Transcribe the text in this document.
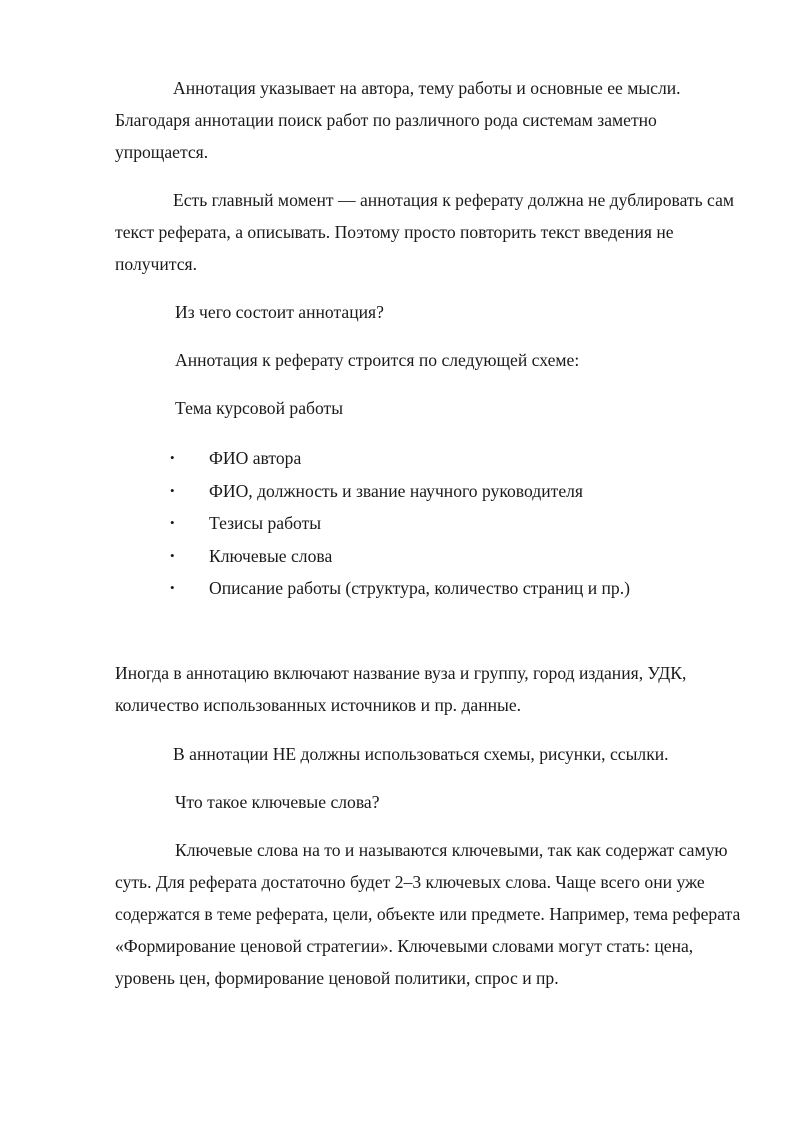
Аннотация указывает на автора, тему работы и основные ее мысли. Благодаря аннотации поиск работ по различного рода системам заметно упрощается.

Есть главный момент — аннотация к реферату должна не дублировать сам текст реферата, а описывать. Поэтому просто повторить текст введения не получится.

Из чего состоит аннотация?

Аннотация к реферату строится по следующей схеме:

Тема курсовой работы

• ФИО автора
• ФИО, должность и звание научного руководителя
• Тезисы работы
• Ключевые слова
• Описание работы (структура, количество страниц и пр.)

Иногда в аннотацию включают название вуза и группу, город издания, УДК, количество использованных источников и пр. данные.

В аннотации НЕ должны использоваться схемы, рисунки, ссылки.

Что такое ключевые слова?

Ключевые слова на то и называются ключевыми, так как содержат самую суть. Для реферата достаточно будет 2–3 ключевых слова. Чаще всего они уже содержатся в теме реферата, цели, объекте или предмете. Например, тема реферата «Формирование ценовой стратегии». Ключевыми словами могут стать: цена, уровень цен, формирование ценовой политики, спрос и пр.
